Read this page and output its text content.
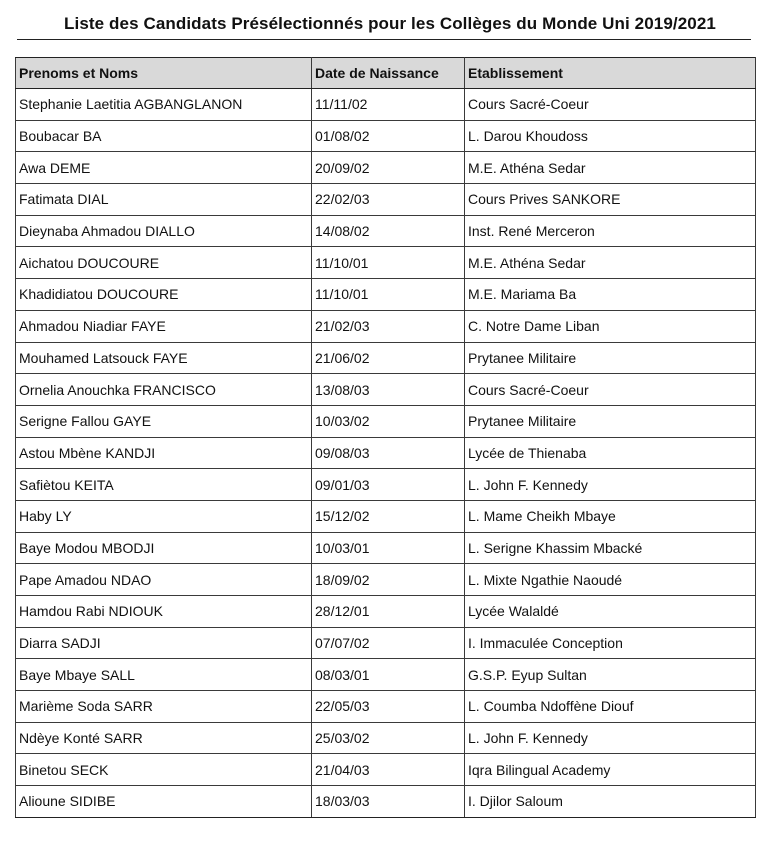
Liste des Candidats Présélectionnés pour les Collèges du Monde Uni 2019/2021
Prenoms et Noms	Date de Naissance	Etablissement
Stephanie Laetitia AGBANGLANON	11/11/02	Cours Sacré-Coeur
Boubacar BA	01/08/02	L. Darou Khoudoss
Awa DEME	20/09/02	M.E. Athéna Sedar
Fatimata DIAL	22/02/03	Cours Prives SANKORE
Dieynaba Ahmadou DIALLO	14/08/02	Inst. René Merceron
Aichatou DOUCOURE	11/10/01	M.E. Athéna Sedar
Khadidiatou DOUCOURE	11/10/01	M.E. Mariama Ba
Ahmadou Niadiar FAYE	21/02/03	C. Notre Dame Liban
Mouhamed Latsouck FAYE	21/06/02	Prytanee Militaire
Ornelia Anouchka FRANCISCO	13/08/03	Cours Sacré-Coeur
Serigne Fallou GAYE	10/03/02	Prytanee Militaire
Astou Mbène KANDJI	09/08/03	Lycée de Thienaba
Safiètou KEITA	09/01/03	L. John F. Kennedy
Haby LY	15/12/02	L. Mame Cheikh Mbaye
Baye Modou MBODJI	10/03/01	L. Serigne Khassim Mbacké
Pape Amadou NDAO	18/09/02	L. Mixte Ngathie Naoudé
Hamdou Rabi NDIOUK	28/12/01	Lycée Walaldé
Diarra SADJI	07/07/02	I. Immaculée Conception
Baye Mbaye SALL	08/03/01	G.S.P. Eyup Sultan
Marième Soda SARR	22/05/03	L. Coumba Ndoffène Diouf
Ndèye Konté SARR	25/03/02	L. John F. Kennedy
Binetou SECK	21/04/03	Iqra Bilingual Academy
Alioune SIDIBE	18/03/03	I. Djilor Saloum
